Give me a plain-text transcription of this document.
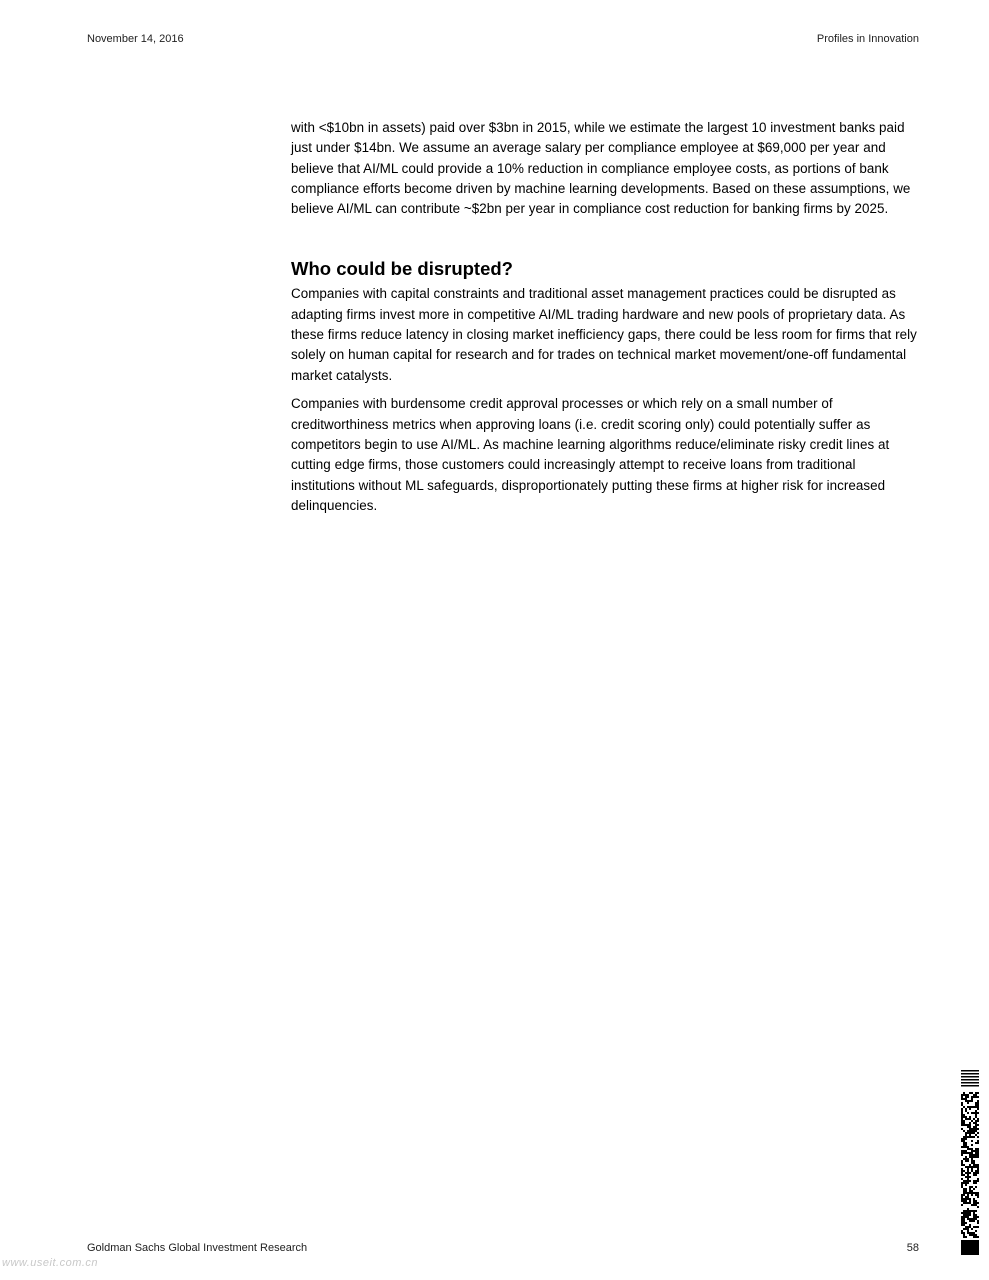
November 14, 2016	Profiles in Innovation

with <$10bn in assets) paid over $3bn in 2015, while we estimate the largest 10 investment banks paid just under $14bn. We assume an average salary per compliance employee at $69,000 per year and believe that AI/ML could provide a 10% reduction in compliance employee costs, as portions of bank compliance efforts become driven by machine learning developments. Based on these assumptions, we believe AI/ML can contribute ~$2bn per year in compliance cost reduction for banking firms by 2025.

Who could be disrupted?

Companies with capital constraints and traditional asset management practices could be disrupted as adapting firms invest more in competitive AI/ML trading hardware and new pools of proprietary data. As these firms reduce latency in closing market inefficiency gaps, there could be less room for firms that rely solely on human capital for research and for trades on technical market movement/one-off fundamental market catalysts.

Companies with burdensome credit approval processes or which rely on a small number of creditworthiness metrics when approving loans (i.e. credit scoring only) could potentially suffer as competitors begin to use AI/ML. As machine learning algorithms reduce/eliminate risky credit lines at cutting edge firms, those customers could increasingly attempt to receive loans from traditional institutions without ML safeguards, disproportionately putting these firms at higher risk for increased delinquencies.

Goldman Sachs Global Investment Research	58
www.useit.com.cn
